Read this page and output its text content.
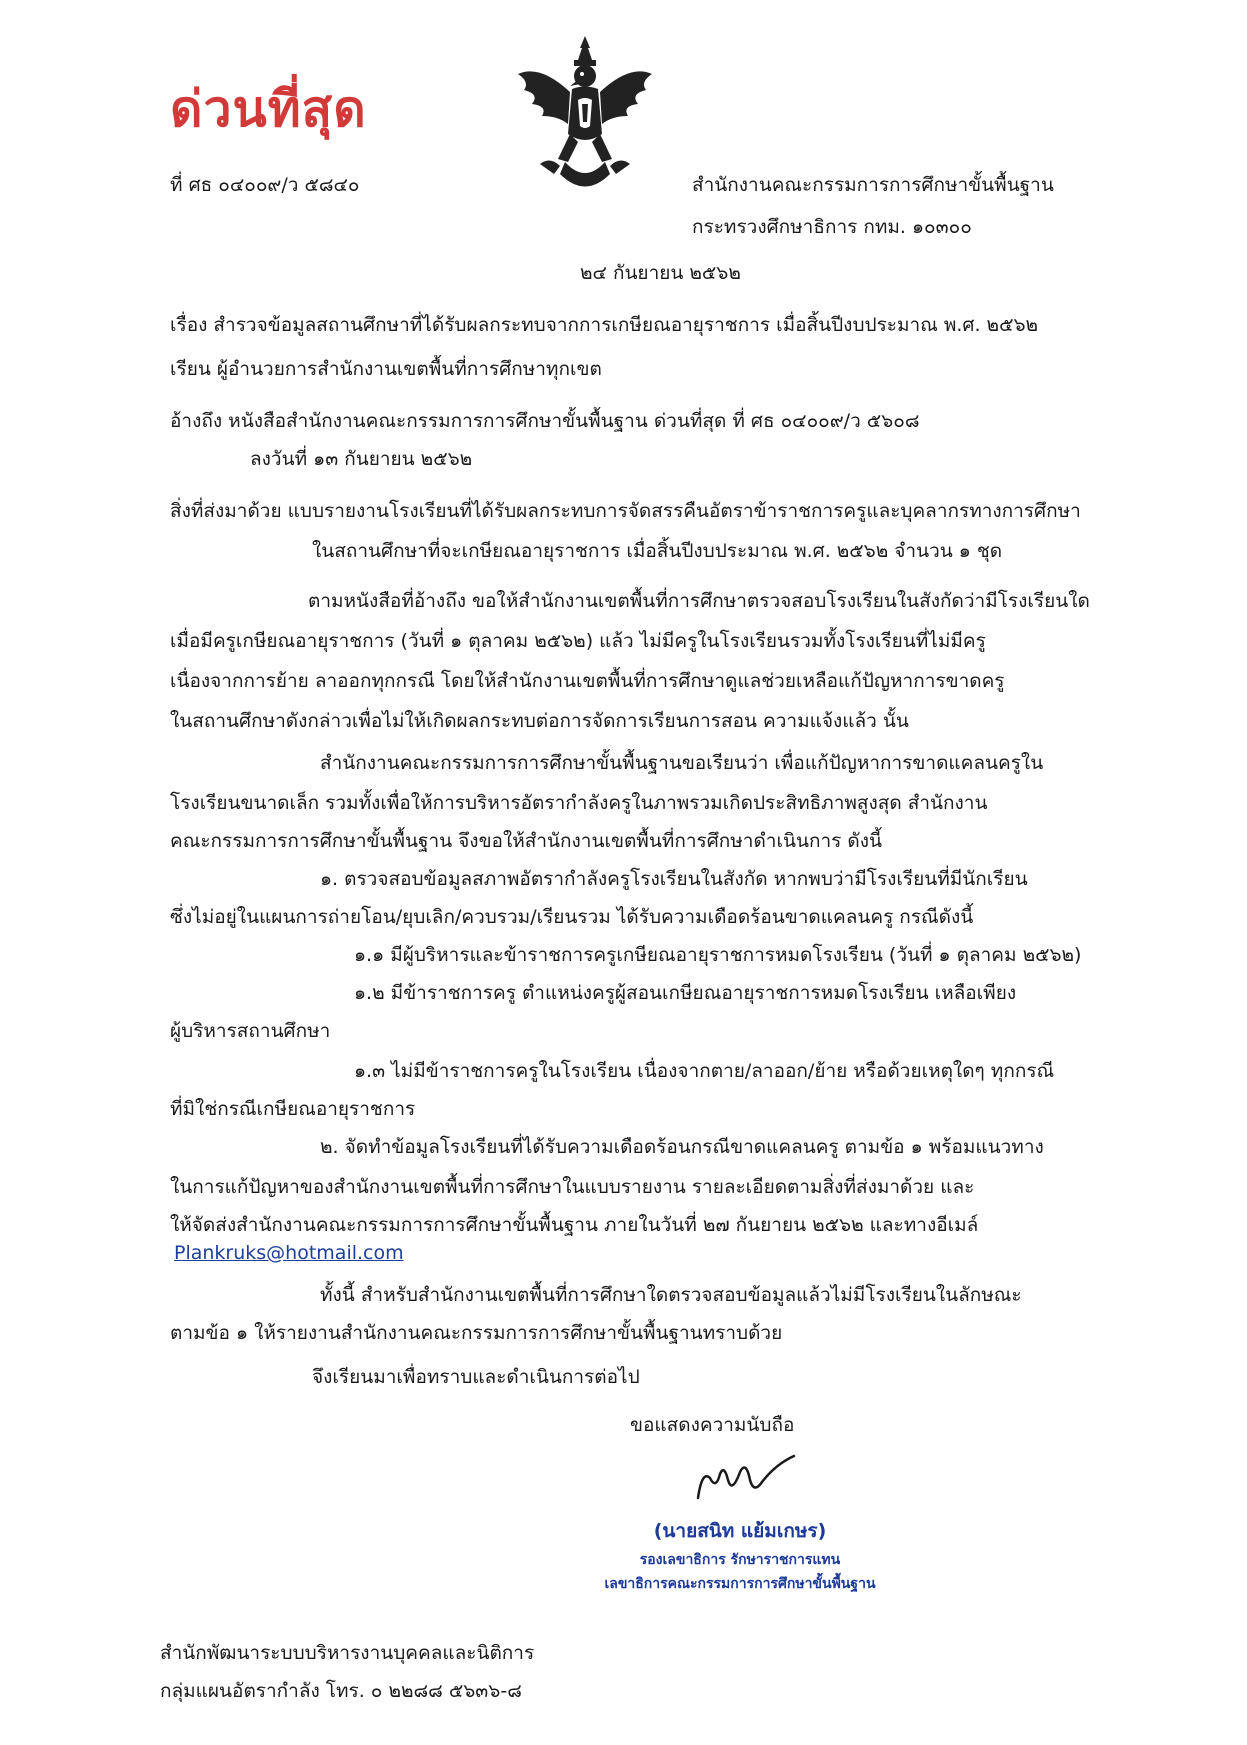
ด่วนที่สุด
ที่ ศธ ๐๔๐๐๙/ว ๕๘๔๐	สำนักงานคณะกรรมการการศึกษาขั้นพื้นฐาน
กระทรวงศึกษาธิการ กทม. ๑๐๓๐๐
๒๔ กันยายน ๒๕๖๒
เรื่อง สำรวจข้อมูลสถานศึกษาที่ได้รับผลกระทบจากการเกษียณอายุราชการ เมื่อสิ้นปีงบประมาณ พ.ศ. ๒๕๖๒
เรียน ผู้อำนวยการสำนักงานเขตพื้นที่การศึกษาทุกเขต
อ้างถึง หนังสือสำนักงานคณะกรรมการการศึกษาขั้นพื้นฐาน ด่วนที่สุด ที่ ศธ ๐๔๐๐๙/ว ๕๖๐๘
ลงวันที่ ๑๓ กันยายน ๒๕๖๒
สิ่งที่ส่งมาด้วย แบบรายงานโรงเรียนที่ได้รับผลกระทบการจัดสรรคืนอัตราข้าราชการครูและบุคลากรทางการศึกษา
ในสถานศึกษาที่จะเกษียณอายุราชการ เมื่อสิ้นปีงบประมาณ พ.ศ. ๒๕๖๒ จำนวน ๑ ชุด
ตามหนังสือที่อ้างถึง ขอให้สำนักงานเขตพื้นที่การศึกษาตรวจสอบโรงเรียนในสังกัดว่ามีโรงเรียนใด
เมื่อมีครูเกษียณอายุราชการ (วันที่ ๑ ตุลาคม ๒๕๖๒) แล้ว ไม่มีครูในโรงเรียนรวมทั้งโรงเรียนที่ไม่มีครู
เนื่องจากการย้าย ลาออกทุกกรณี โดยให้สำนักงานเขตพื้นที่การศึกษาดูแลช่วยเหลือแก้ปัญหาการขาดครู
ในสถานศึกษาดังกล่าวเพื่อไม่ให้เกิดผลกระทบต่อการจัดการเรียนการสอน ความแจ้งแล้ว นั้น
สำนักงานคณะกรรมการการศึกษาขั้นพื้นฐานขอเรียนว่า เพื่อแก้ปัญหาการขาดแคลนครูใน
โรงเรียนขนาดเล็ก รวมทั้งเพื่อให้การบริหารอัตรากำลังครูในภาพรวมเกิดประสิทธิภาพสูงสุด สำนักงาน
คณะกรรมการการศึกษาขั้นพื้นฐาน จึงขอให้สำนักงานเขตพื้นที่การศึกษาดำเนินการ ดังนี้
๑. ตรวจสอบข้อมูลสภาพอัตรากำลังครูโรงเรียนในสังกัด หากพบว่ามีโรงเรียนที่มีนักเรียน
ซึ่งไม่อยู่ในแผนการถ่ายโอน/ยุบเลิก/ควบรวม/เรียนรวม ได้รับความเดือดร้อนขาดแคลนครู กรณีดังนี้
๑.๑ มีผู้บริหารและข้าราชการครูเกษียณอายุราชการหมดโรงเรียน (วันที่ ๑ ตุลาคม ๒๕๖๒)
๑.๒ มีข้าราชการครู ตำแหน่งครูผู้สอนเกษียณอายุราชการหมดโรงเรียน เหลือเพียง
ผู้บริหารสถานศึกษา
๑.๓ ไม่มีข้าราชการครูในโรงเรียน เนื่องจากตาย/ลาออก/ย้าย หรือด้วยเหตุใดๆ ทุกกรณี
ที่มิใช่กรณีเกษียณอายุราชการ
๒. จัดทำข้อมูลโรงเรียนที่ได้รับความเดือดร้อนกรณีขาดแคลนครู ตามข้อ ๑ พร้อมแนวทาง
ในการแก้ปัญหาของสำนักงานเขตพื้นที่การศึกษาในแบบรายงาน รายละเอียดตามสิ่งที่ส่งมาด้วย และ
ให้จัดส่งสำนักงานคณะกรรมการการศึกษาขั้นพื้นฐาน ภายในวันที่ ๒๗ กันยายน ๒๕๖๒ และทางอีเมล์
Plankruks@hotmail.com
ทั้งนี้ สำหรับสำนักงานเขตพื้นที่การศึกษาใดตรวจสอบข้อมูลแล้วไม่มีโรงเรียนในลักษณะ
ตามข้อ ๑ ให้รายงานสำนักงานคณะกรรมการการศึกษาขั้นพื้นฐานทราบด้วย
จึงเรียนมาเพื่อทราบและดำเนินการต่อไป
ขอแสดงความนับถือ
(นายสนิท แย้มเกษร)
รองเลขาธิการ รักษาราชการแทน
เลขาธิการคณะกรรมการการศึกษาขั้นพื้นฐาน
สำนักพัฒนาระบบบริหารงานบุคคลและนิติการ
กลุ่มแผนอัตรากำลัง โทร. ๐ ๒๒๘๘ ๕๖๓๖-๘
